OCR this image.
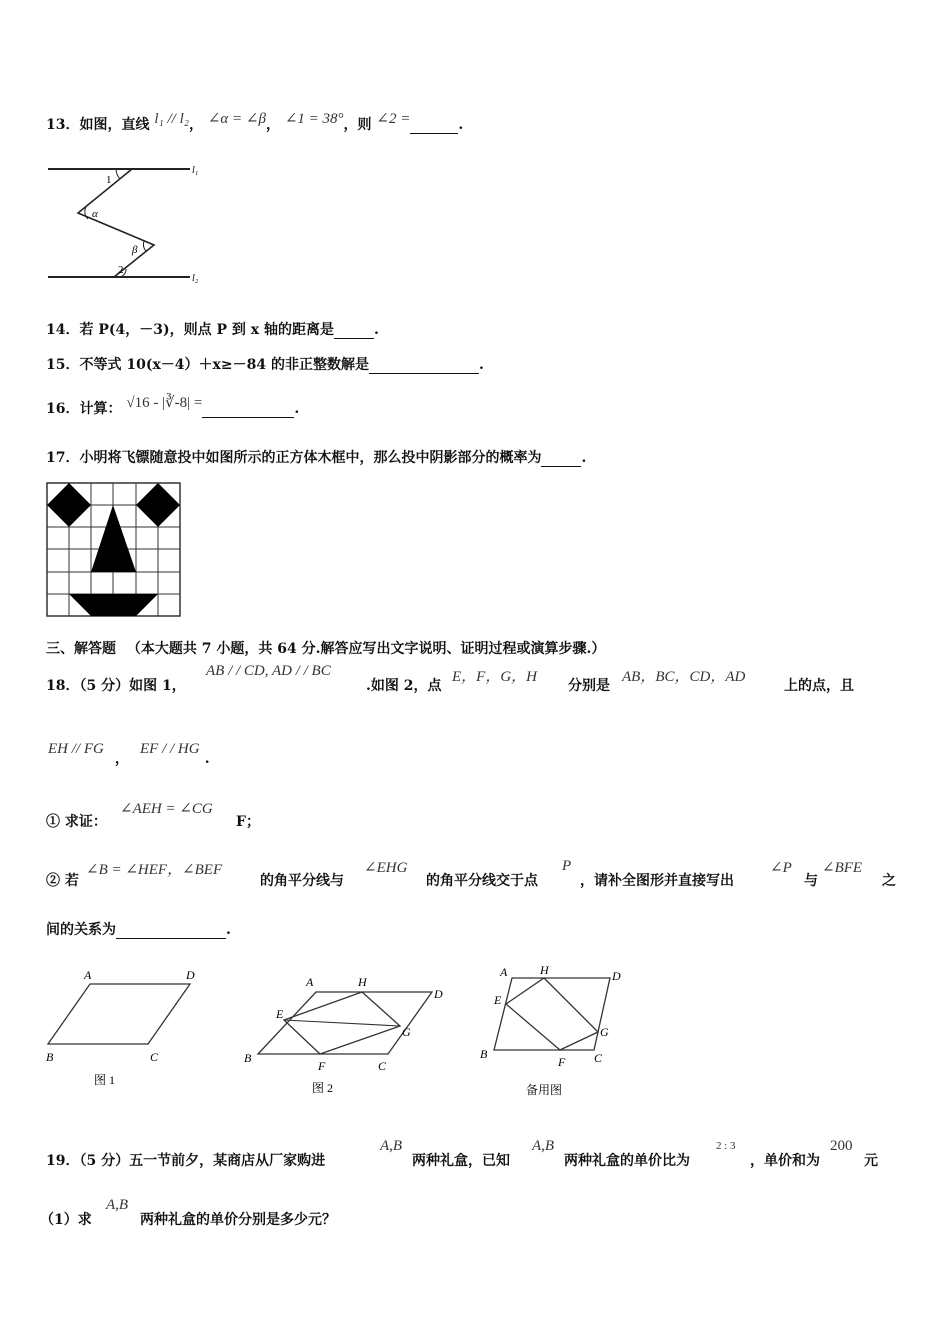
13．如图，直线 l₁ // l₂， ∠α = ∠β， ∠1 = 38°，则 ∠2 =	.
1
α
β
2
l₁
l₂
14．若 P(4，－3)，则点 P 到 x 轴的距离是	.
15．不等式 10(x－4）＋x≥－84 的非正整数解是	.
16．计算： √16 - |∛-8| =	.
17．小明将飞镖随意投中如图所示的正方体木框中，那么投中阴影部分的概率为	.
三、解答题 （本大题共 7 小题，共 64 分.解答应写出文字说明、证明过程或演算步骤.）
18．（5 分）如图 1，
AB / / CD, AD / / BC
.如图 2，点
E，F，G，H
分别是
AB，BC，CD，AD
上的点，且
EH // FG ， EF / / HG .
① 求证：
∠AEH = ∠CG
F；
② 若
∠B = ∠HEF，∠BEF
的角平分线与
∠EHG
的角平分线交于点
P
，请补全图形并直接写出
∠P
与
∠BFE
之
间的关系为	.
A	D
B	C
图 1
A	H
D
E
G
B
F	C
图 2
A	H	D
E
G
B
F C
备用图
19．（5 分）五一节前夕，某商店从厂家购进
A,B
两种礼盒，已知
A,B
两种礼盒的单价比为
2 : 3
，单价和为
200
元
（1）求
A,B
两种礼盒的单价分别是多少元？
